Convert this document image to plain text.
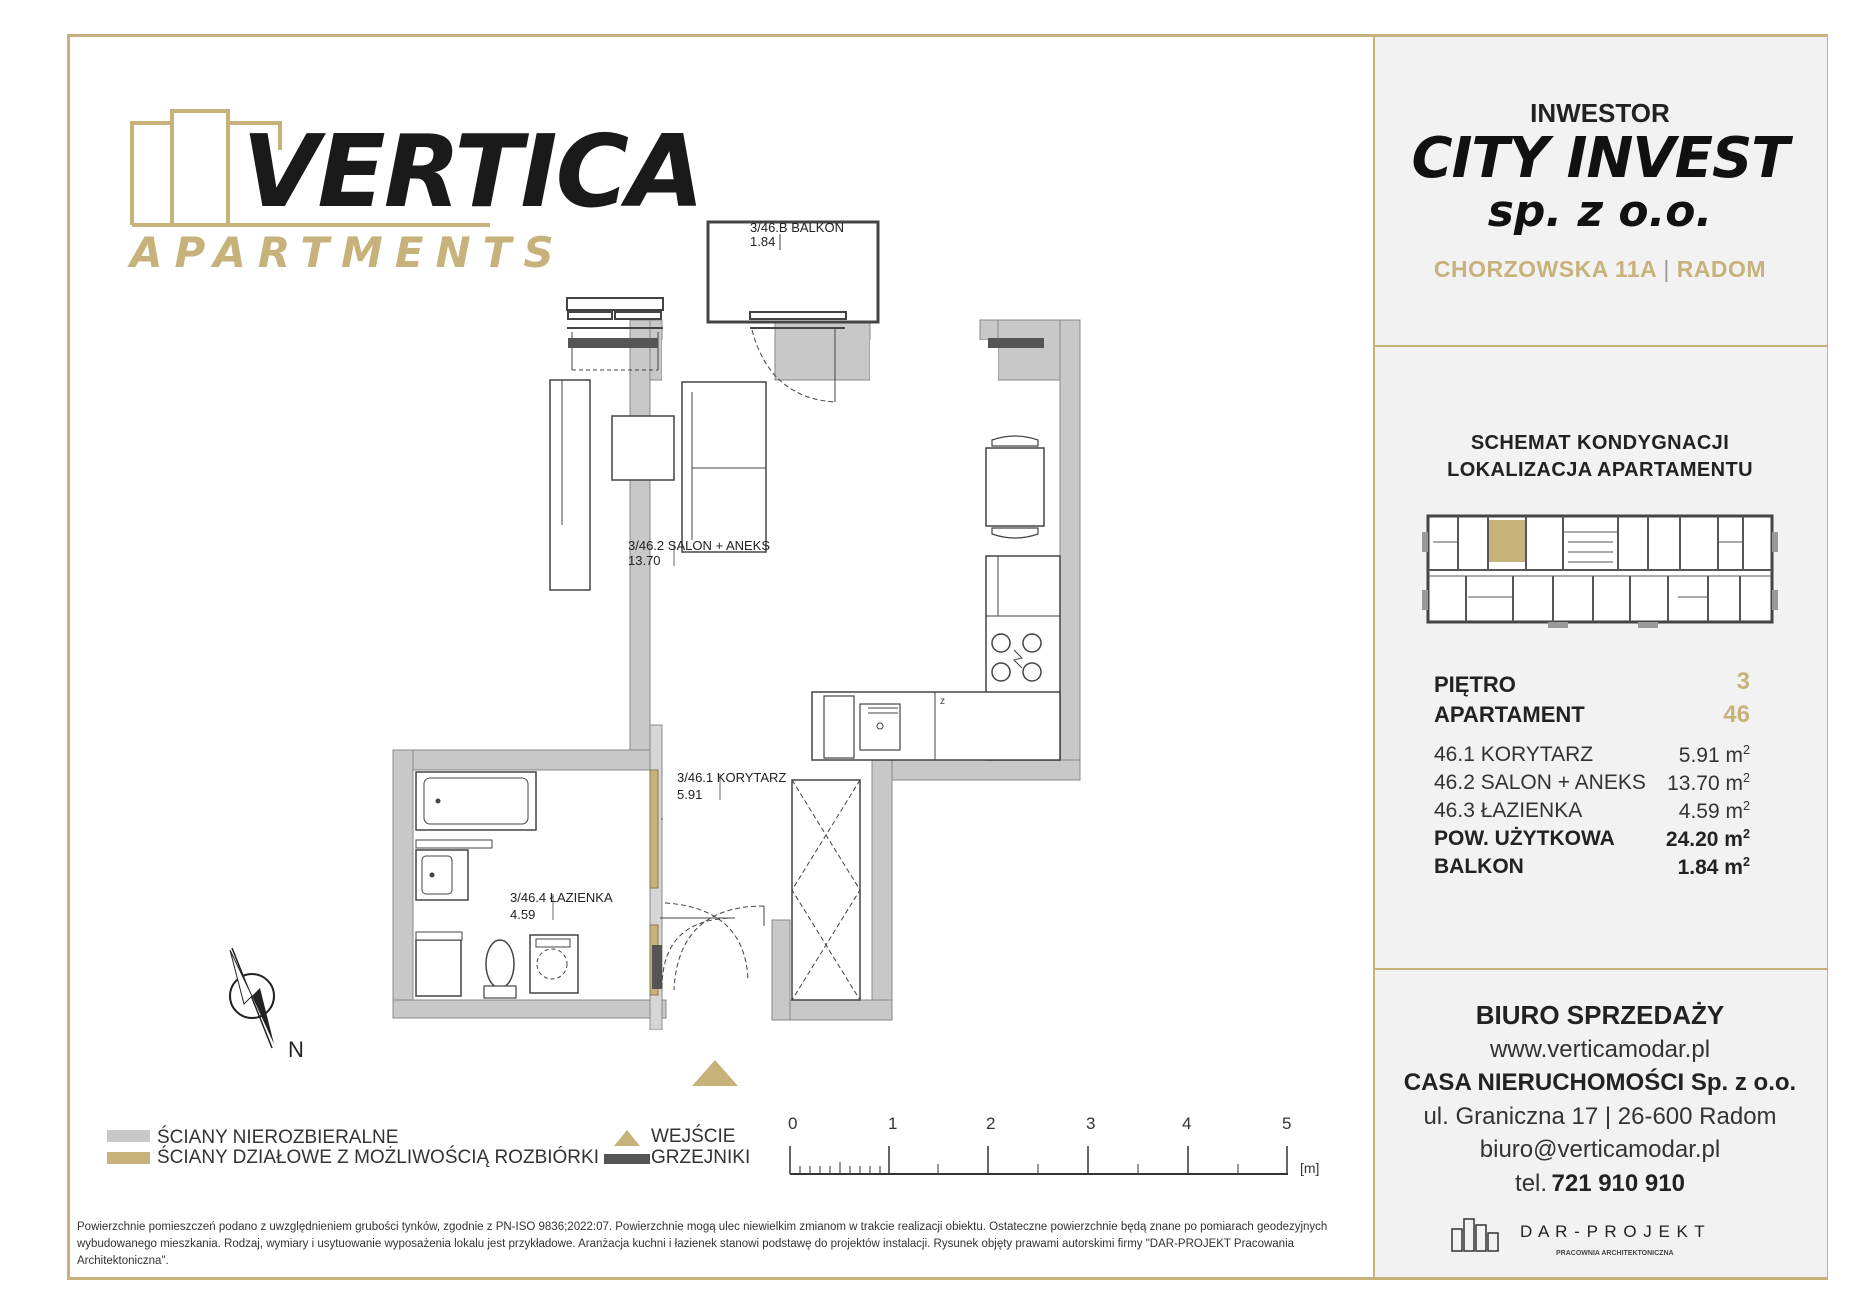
VERTICA
APARTMENTS
INWESTOR
CITY INVEST
sp. z o.o.
CHORZOWSKA 11A | RADOM
SCHEMAT KONDYGNACJI
LOKALIZACJA APARTAMENTU
PIĘTRO	3
APARTAMENT	46
46.1 KORYTARZ	5.91 $m^2$
46.2 SALON + ANEKS	13.70 $m^2$
46.3 ŁAZIENKA	4.59 $m^2$
POW. UŻYTKOWA	24.20 $m^2$
BALKON	1.84 $m^2$
BIURO SPRZEDAŻY
www.verticamodar.pl
CASA NIERUCHOMOŚCI Sp. z o.o.
ul. Graniczna 17 | 26-600 Radom
biuro@verticamodar.pl
tel. 721 910 910
D A R - P R O J E K T
PRACOWNIA ARCHITEKTONICZNA
z
3/46.B BALKON
1.84
3/46.2 SALON + ANEKS
13.70
3/46.1 KORYTARZ
5.91
3/46.4 ŁAZIENKA
4.59
N
ŚCIANY NIEROZBIERALNE
ŚCIANY DZIAŁOWE Z MOŻLIWOŚCIĄ ROZBIÓRKI
WEJŚCIE
GRZEJNIKI
0	1	2	3	4	5
[m]
Powierzchnie pomieszczeń podano z uwzględnieniem grubości tynków, zgodnie z PN-ISO 9836;2022:07. Powierzchnie mogą ulec niewielkim zmianom w trakcie realizacji obiektu. Ostateczne powierzchnie będą znane po pomiarach geodezyjnych wybudowanego mieszkania. Rodzaj, wymiary i usytuowanie wyposażenia lokalu jest przykładowe. Aranżacja kuchni i łazienek stanowi podstawę do projektów instalacji. Rysunek objęty prawami autorskimi firmy "DAR-PROJEKT Pracowania Architektoniczna".
